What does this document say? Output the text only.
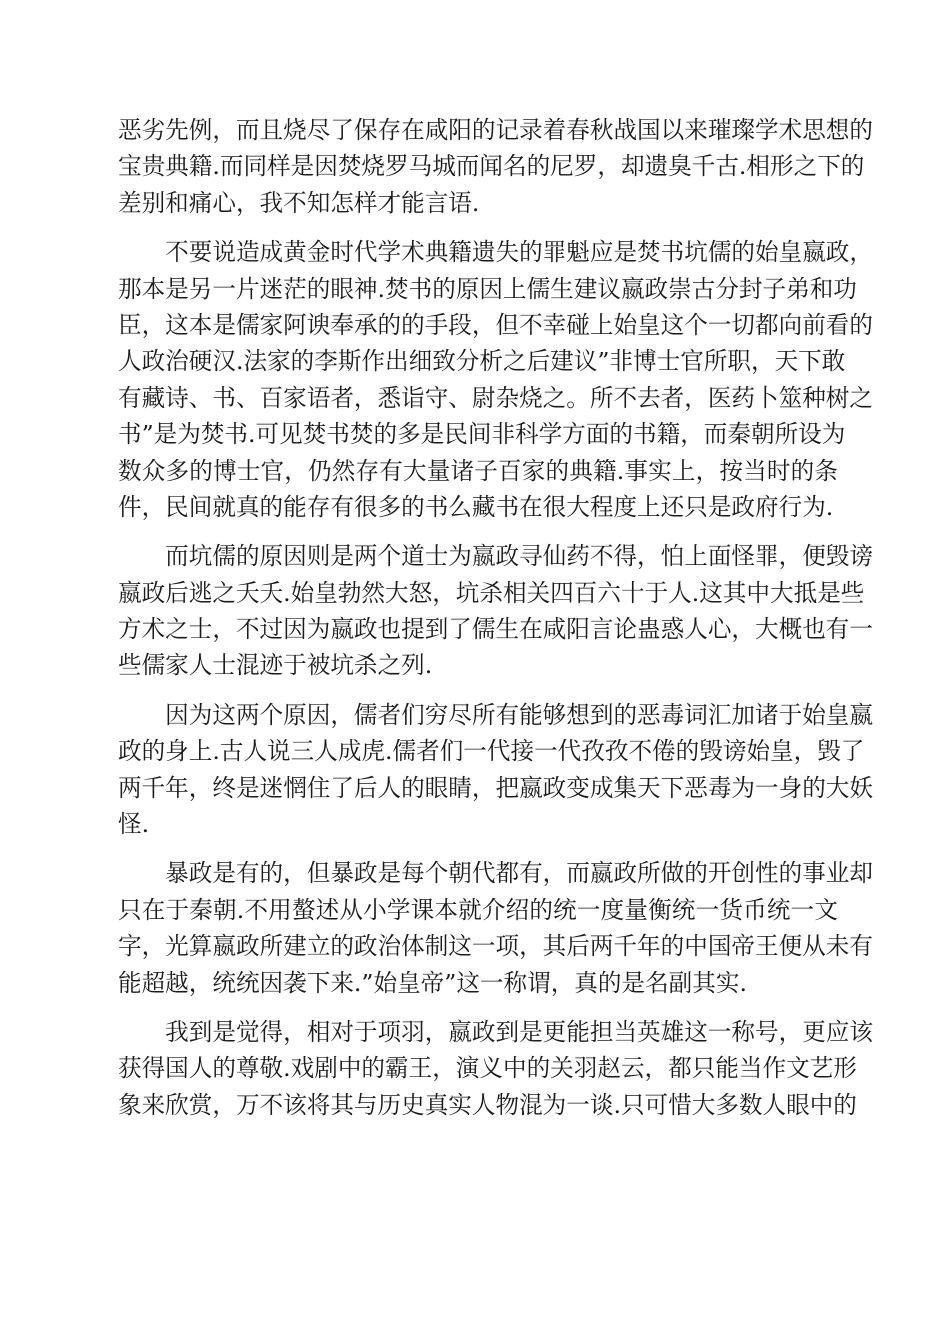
恶劣先例，而且烧尽了保存在咸阳的记录着春秋战国以来璀璨学术思想的
宝贵典籍.而同样是因焚烧罗马城而闻名的尼罗，却遗臭千古.相形之下的
差别和痛心，我不知怎样才能言语.
　　不要说造成黄金时代学术典籍遗失的罪魁应是焚书坑儒的始皇嬴政，
那本是另一片迷茫的眼神.焚书的原因上儒生建议嬴政崇古分封子弟和功
臣，这本是儒家阿谀奉承的的手段，但不幸碰上始皇这个一切都向前看的
人政治硬汉.法家的李斯作出细致分析之后建议”非博士官所职，天下敢
有藏诗、书、百家语者，悉诣守、尉杂烧之。所不去者，医药卜筮种树之
书”是为焚书.可见焚书焚的多是民间非科学方面的书籍，而秦朝所设为
数众多的博士官，仍然存有大量诸子百家的典籍.事实上，按当时的条
件，民间就真的能存有很多的书么藏书在很大程度上还只是政府行为.
　　而坑儒的原因则是两个道士为嬴政寻仙药不得，怕上面怪罪，便毁谤
嬴政后逃之夭夭.始皇勃然大怒，坑杀相关四百六十于人.这其中大抵是些
方术之士，不过因为嬴政也提到了儒生在咸阳言论蛊惑人心，大概也有一
些儒家人士混迹于被坑杀之列.
　　因为这两个原因，儒者们穷尽所有能够想到的恶毒词汇加诸于始皇嬴
政的身上.古人说三人成虎.儒者们一代接一代孜孜不倦的毁谤始皇，毁了
两千年，终是迷惘住了后人的眼睛，把嬴政变成集天下恶毒为一身的大妖
怪.
　　暴政是有的，但暴政是每个朝代都有，而嬴政所做的开创性的事业却
只在于秦朝.不用螯述从小学课本就介绍的统一度量衡统一货币统一文
字，光算嬴政所建立的政治体制这一项，其后两千年的中国帝王便从未有
能超越，统统因袭下来.”始皇帝”这一称谓，真的是名副其实.
　　我到是觉得，相对于项羽，嬴政到是更能担当英雄这一称号，更应该
获得国人的尊敬.戏剧中的霸王，演义中的关羽赵云，都只能当作文艺形
象来欣赏，万不该将其与历史真实人物混为一谈.只可惜大多数人眼中的
